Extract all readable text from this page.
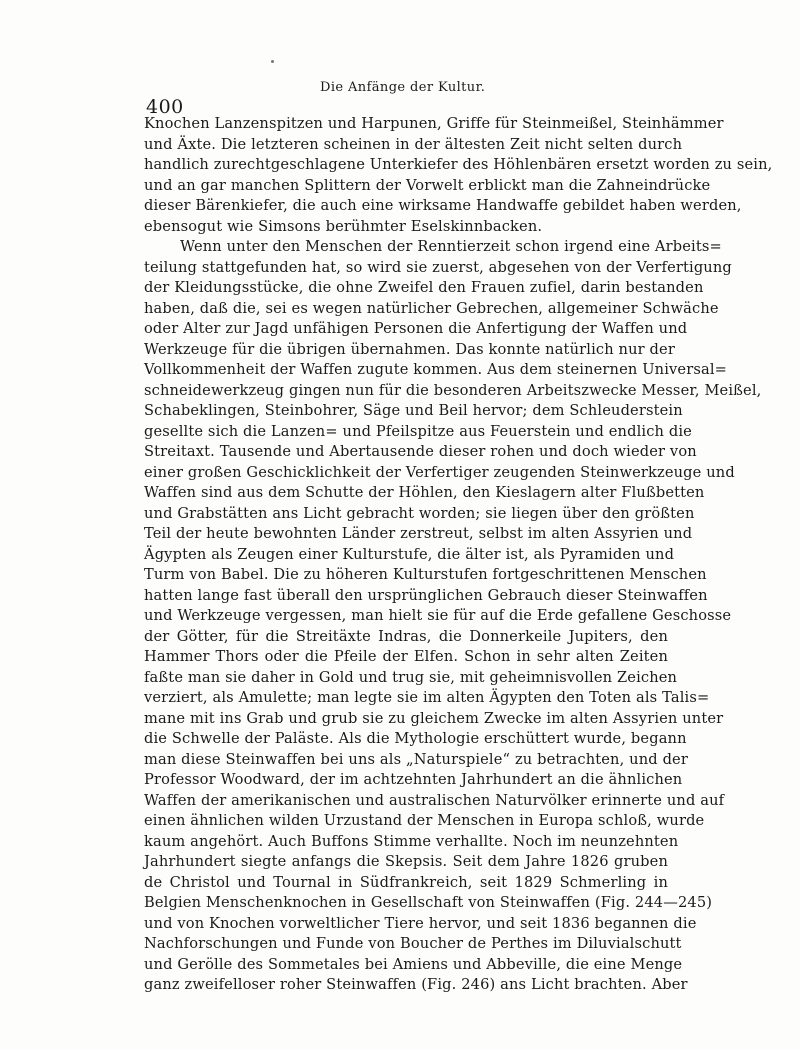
400
Die Anfänge der Kultur.
Knochen Lanzenspitzen und Harpunen, Griffe für Steinmeißel, Steinhämmer
und Äxte. Die letzteren scheinen in der ältesten Zeit nicht selten durch
handlich zurechtgeschlagene Unterkiefer des Höhlenbären ersetzt worden zu sein,
und an gar manchen Splittern der Vorwelt erblickt man die Zahneindrücke
dieser Bärenkiefer, die auch eine wirksame Handwaffe gebildet haben werden,
ebensogut wie Simsons berühmter Eselskinnbacken.
Wenn unter den Menschen der Renntierzeit schon irgend eine Arbeits=
teilung stattgefunden hat, so wird sie zuerst, abgesehen von der Verfertigung
der Kleidungsstücke, die ohne Zweifel den Frauen zufiel, darin bestanden
haben, daß die, sei es wegen natürlicher Gebrechen, allgemeiner Schwäche
oder Alter zur Jagd unfähigen Personen die Anfertigung der Waffen und
Werkzeuge für die übrigen übernahmen. Das konnte natürlich nur der
Vollkommenheit der Waffen zugute kommen. Aus dem steinernen Universal=
schneidewerkzeug gingen nun für die besonderen Arbeitszwecke Messer, Meißel,
Schabeklingen, Steinbohrer, Säge und Beil hervor; dem Schleuderstein
gesellte sich die Lanzen= und Pfeilspitze aus Feuerstein und endlich die
Streitaxt. Tausende und Abertausende dieser rohen und doch wieder von
einer großen Geschicklichkeit der Verfertiger zeugenden Steinwerkzeuge und
Waffen sind aus dem Schutte der Höhlen, den Kieslagern alter Flußbetten
und Grabstätten ans Licht gebracht worden; sie liegen über den größten
Teil der heute bewohnten Länder zerstreut, selbst im alten Assyrien und
Ägypten als Zeugen einer Kulturstufe, die älter ist, als Pyramiden und
Turm von Babel. Die zu höheren Kulturstufen fortgeschrittenen Menschen
hatten lange fast überall den ursprünglichen Gebrauch dieser Steinwaffen
und Werkzeuge vergessen, man hielt sie für auf die Erde gefallene Geschosse
der Götter, für die Streitäxte Indras, die Donnerkeile Jupiters, den
Hammer Thors oder die Pfeile der Elfen. Schon in sehr alten Zeiten
faßte man sie daher in Gold und trug sie, mit geheimnisvollen Zeichen
verziert, als Amulette; man legte sie im alten Ägypten den Toten als Talis=
mane mit ins Grab und grub sie zu gleichem Zwecke im alten Assyrien unter
die Schwelle der Paläste. Als die Mythologie erschüttert wurde, begann
man diese Steinwaffen bei uns als „Naturspiele“ zu betrachten, und der
Professor Woodward, der im achtzehnten Jahrhundert an die ähnlichen
Waffen der amerikanischen und australischen Naturvölker erinnerte und auf
einen ähnlichen wilden Urzustand der Menschen in Europa schloß, wurde
kaum angehört. Auch Buffons Stimme verhallte. Noch im neunzehnten
Jahrhundert siegte anfangs die Skepsis. Seit dem Jahre 1826 gruben
de Christol und Tournal in Südfrankreich, seit 1829 Schmerling in
Belgien Menschenknochen in Gesellschaft von Steinwaffen (Fig. 244—245)
und von Knochen vorweltlicher Tiere hervor, und seit 1836 begannen die
Nachforschungen und Funde von Boucher de Perthes im Diluvialschutt
und Gerölle des Sommetales bei Amiens und Abbeville, die eine Menge
ganz zweifelloser roher Steinwaffen (Fig. 246) ans Licht brachten. Aber
